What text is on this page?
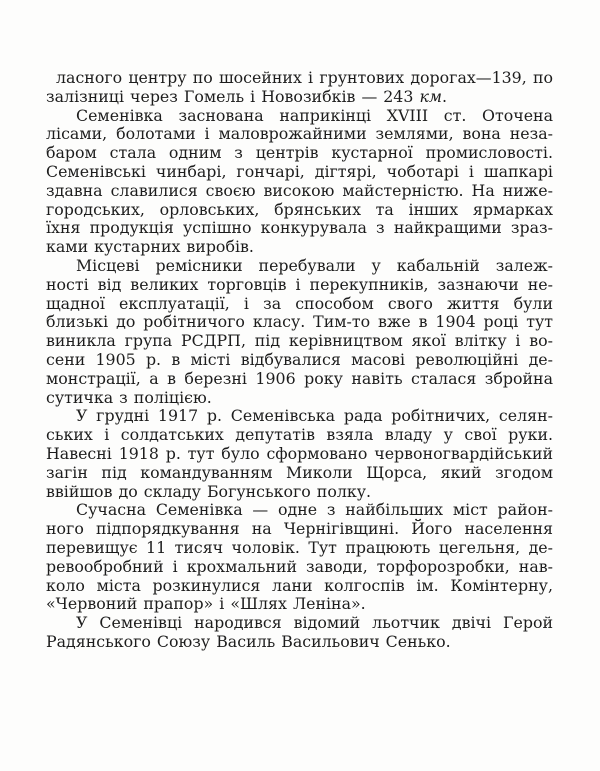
ласного центру по шосейних і грунтових дорогах—139, по
залізниці через Гомель і Новозибків — 243 км.
Семенівка заснована наприкінці XVIII ст. Оточена
лісами, болотами і маловрожайними землями, вона неза-
баром стала одним з центрів кустарної промисловості.
Семенівські чинбарі, гончарі, дігтярі, чоботарі і шапкарі
здавна славилися своєю високою майстерністю. На ниже-
городських, орловських, брянських та інших ярмарках
їхня продукція успішно конкурувала з найкращими зраз-
ками кустарних виробів.
Місцеві ремісники перебували у кабальній залеж-
ності від великих торговців і перекупників, зазнаючи не-
щадної експлуатації, і за способом свого життя були
близькі до робітничого класу. Тим-то вже в 1904 році тут
виникла група РСДРП, під керівництвом якої влітку і во-
сени 1905 р. в місті відбувалися масові революційні де-
монстрації, а в березні 1906 року навіть сталася збройна
сутичка з поліцією.
У грудні 1917 р. Семенівська рада робітничих, селян-
ських і солдатських депутатів взяла владу у свої руки.
Навесні 1918 р. тут було сформовано червоногвардійський
загін під командуванням Миколи Щорса, який згодом
ввійшов до складу Богунського полку.
Сучасна Семенівка — одне з найбільших міст район-
ного підпорядкування на Чернігівщині. Його населення
перевищує 11 тисяч чоловік. Тут працюють цегельня, де-
ревообробний і крохмальний заводи, торфорозробки, нав-
коло міста розкинулися лани колгоспів ім. Комінтерну,
«Червоний прапор» і «Шлях Леніна».
У Семенівці народився відомий льотчик двічі Герой
Радянського Союзу Василь Васильович Сенько.
